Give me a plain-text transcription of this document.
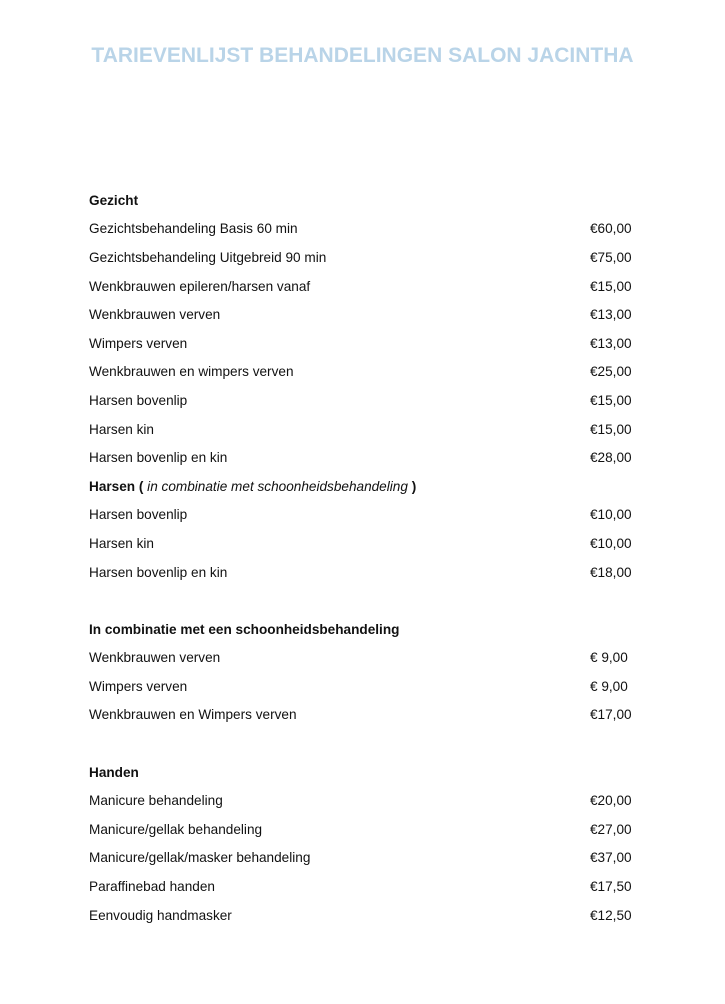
TARIEVENLIJST BEHANDELINGEN SALON JACINTHA
Gezicht
Gezichtsbehandeling Basis 60 min	€60,00
Gezichtsbehandeling Uitgebreid 90 min	€75,00
Wenkbrauwen epileren/harsen vanaf	€15,00
Wenkbrauwen verven	€13,00
Wimpers verven	€13,00
Wenkbrauwen en wimpers verven	€25,00
Harsen bovenlip	€15,00
Harsen kin	€15,00
Harsen bovenlip en kin	€28,00
Harsen ( in combinatie met schoonheidsbehandeling )
Harsen bovenlip	€10,00
Harsen kin	€10,00
Harsen bovenlip en kin	€18,00
In combinatie met een schoonheidsbehandeling
Wenkbrauwen verven	€ 9,00
Wimpers verven	€ 9,00
Wenkbrauwen en Wimpers verven	€17,00
Handen
Manicure behandeling	€20,00
Manicure/gellak behandeling	€27,00
Manicure/gellak/masker behandeling	€37,00
Paraffinebad handen	€17,50
Eenvoudig handmasker	€12,50
